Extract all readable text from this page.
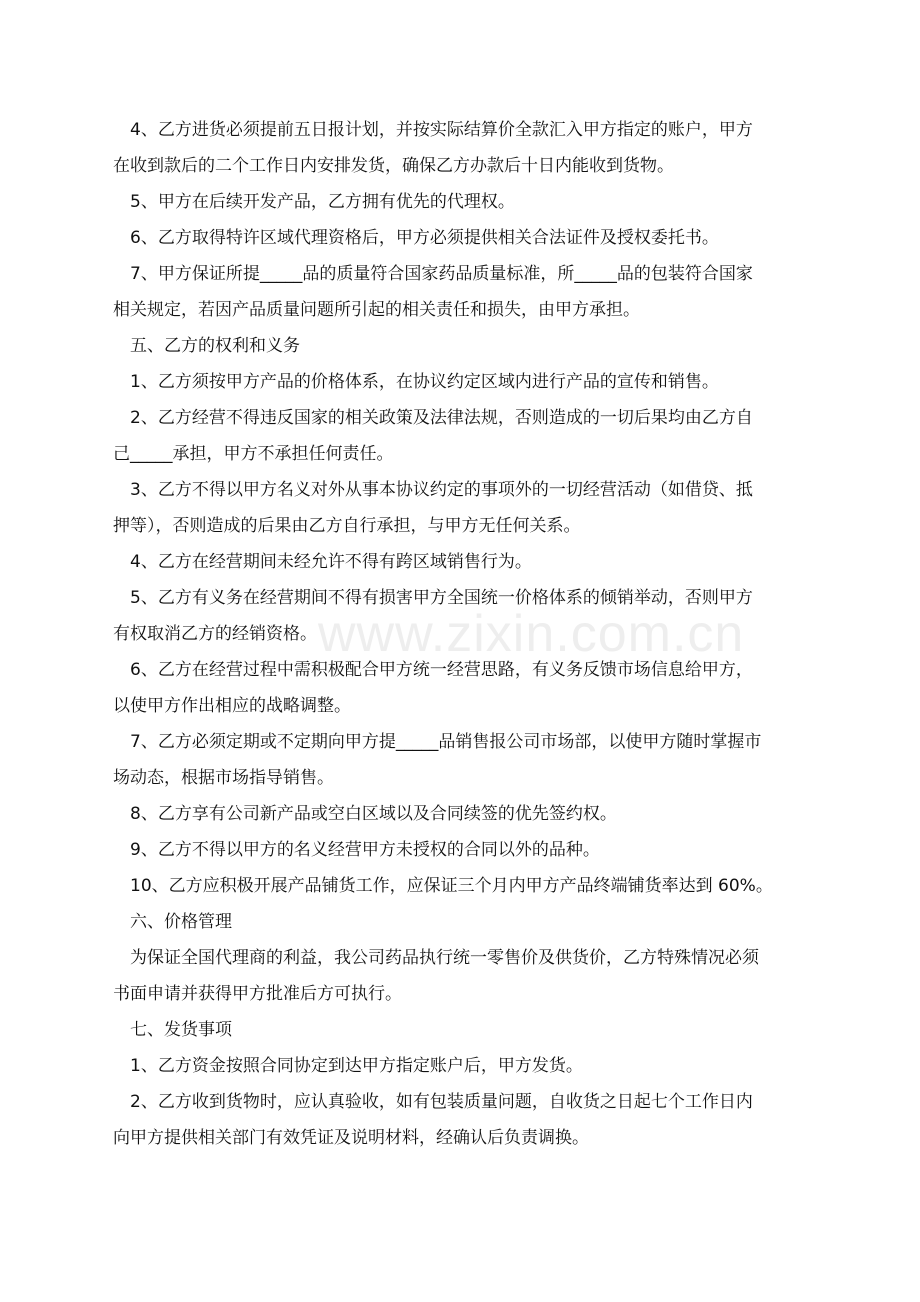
www.zixin.com.cn
4、乙方进货必须提前五日报计划，并按实际结算价全款汇入甲方指定的账户，甲方
在收到款后的二个工作日内安排发货，确保乙方办款后十日内能收到货物。
5、甲方在后续开发产品，乙方拥有优先的代理权。
6、乙方取得特许区域代理资格后，甲方必须提供相关合法证件及授权委托书。
7、甲方保证所提_____品的质量符合国家药品质量标准，所_____品的包装符合国家
相关规定，若因产品质量问题所引起的相关责任和损失，由甲方承担。
五、乙方的权利和义务
1、乙方须按甲方产品的价格体系，在协议约定区域内进行产品的宣传和销售。
2、乙方经营不得违反国家的相关政策及法律法规，否则造成的一切后果均由乙方自
己_____承担，甲方不承担任何责任。
3、乙方不得以甲方名义对外从事本协议约定的事项外的一切经营活动（如借贷、抵
押等），否则造成的后果由乙方自行承担，与甲方无任何关系。
4、乙方在经营期间未经允许不得有跨区域销售行为。
5、乙方有义务在经营期间不得有损害甲方全国统一价格体系的倾销举动，否则甲方
有权取消乙方的经销资格。
6、乙方在经营过程中需积极配合甲方统一经营思路，有义务反馈市场信息给甲方，
以使甲方作出相应的战略调整。
7、乙方必须定期或不定期向甲方提_____品销售报公司市场部，以使甲方随时掌握市
场动态，根据市场指导销售。
8、乙方享有公司新产品或空白区域以及合同续签的优先签约权。
9、乙方不得以甲方的名义经营甲方未授权的合同以外的品种。
10、乙方应积极开展产品铺货工作，应保证三个月内甲方产品终端铺货率达到 60%。
六、价格管理
为保证全国代理商的利益，我公司药品执行统一零售价及供货价，乙方特殊情况必须
书面申请并获得甲方批准后方可执行。
七、发货事项
1、乙方资金按照合同协定到达甲方指定账户后，甲方发货。
2、乙方收到货物时，应认真验收，如有包装质量问题，自收货之日起七个工作日内
向甲方提供相关部门有效凭证及说明材料，经确认后负责调换。
